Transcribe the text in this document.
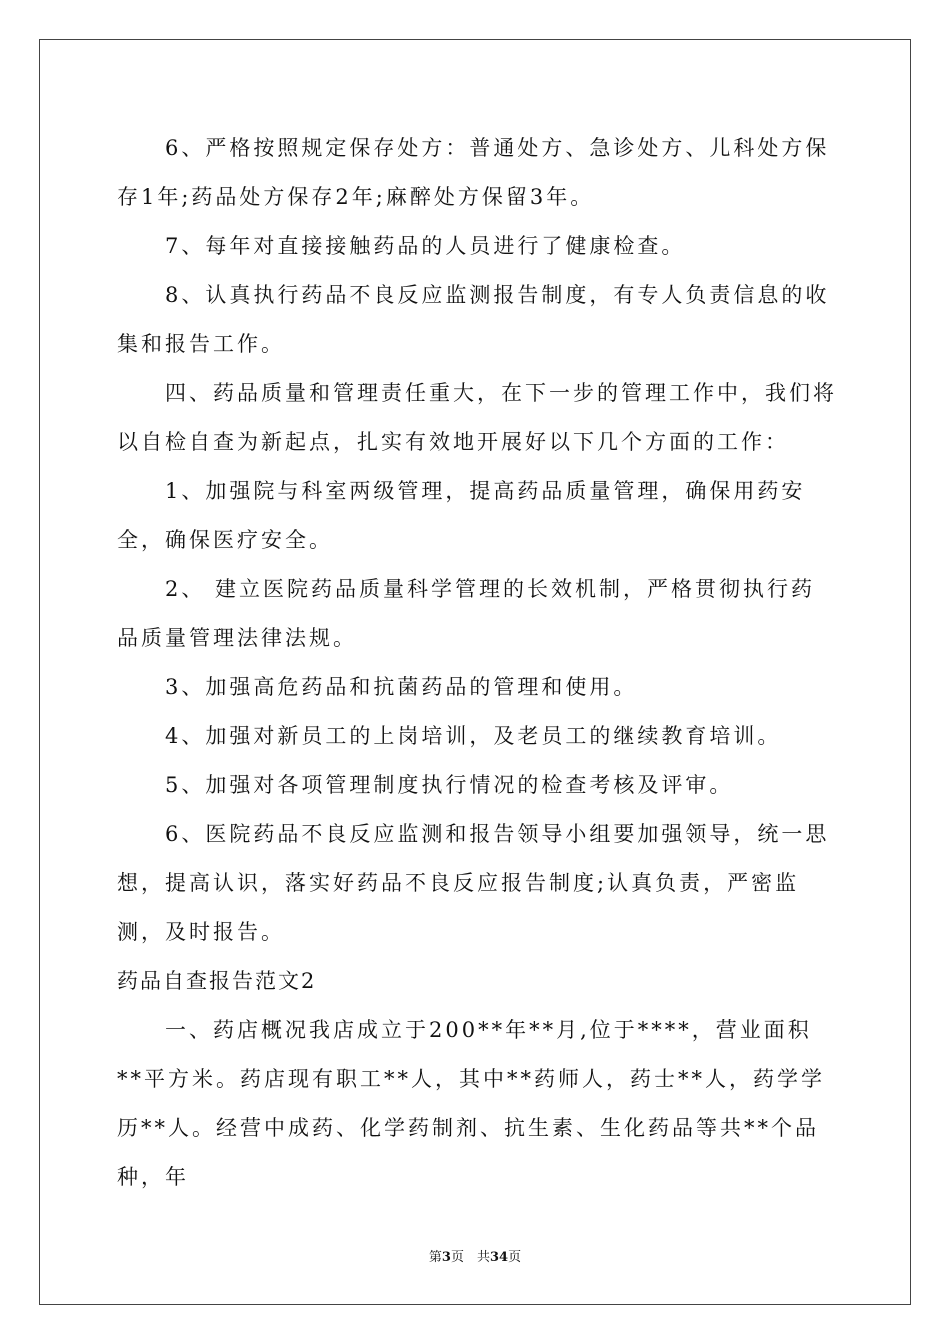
6、严格按照规定保存处方：普通处方、急诊处方、儿科处方保存1年;药品处方保存2年;麻醉处方保留3年。

7、每年对直接接触药品的人员进行了健康检查。

8、认真执行药品不良反应监测报告制度，有专人负责信息的收集和报告工作。

四、药品质量和管理责任重大，在下一步的管理工作中，我们将以自检自查为新起点，扎实有效地开展好以下几个方面的工作：

1、加强院与科室两级管理，提高药品质量管理，确保用药安全，确保医疗安全。

2、 建立医院药品质量科学管理的长效机制，严格贯彻执行药品质量管理法律法规。

3、加强高危药品和抗菌药品的管理和使用。

4、加强对新员工的上岗培训，及老员工的继续教育培训。

5、加强对各项管理制度执行情况的检查考核及评审。

6、医院药品不良反应监测和报告领导小组要加强领导，统一思想，提高认识，落实好药品不良反应报告制度;认真负责，严密监测，及时报告。

药品自查报告范文2

一、药店概况我店成立于200**年**月,位于****，营业面积**平方米。药店现有职工**人，其中**药师人，药士**人，药学学历**人。经营中成药、化学药制剂、抗生素、生化药品等共**个品种，年

第3页　共34页
